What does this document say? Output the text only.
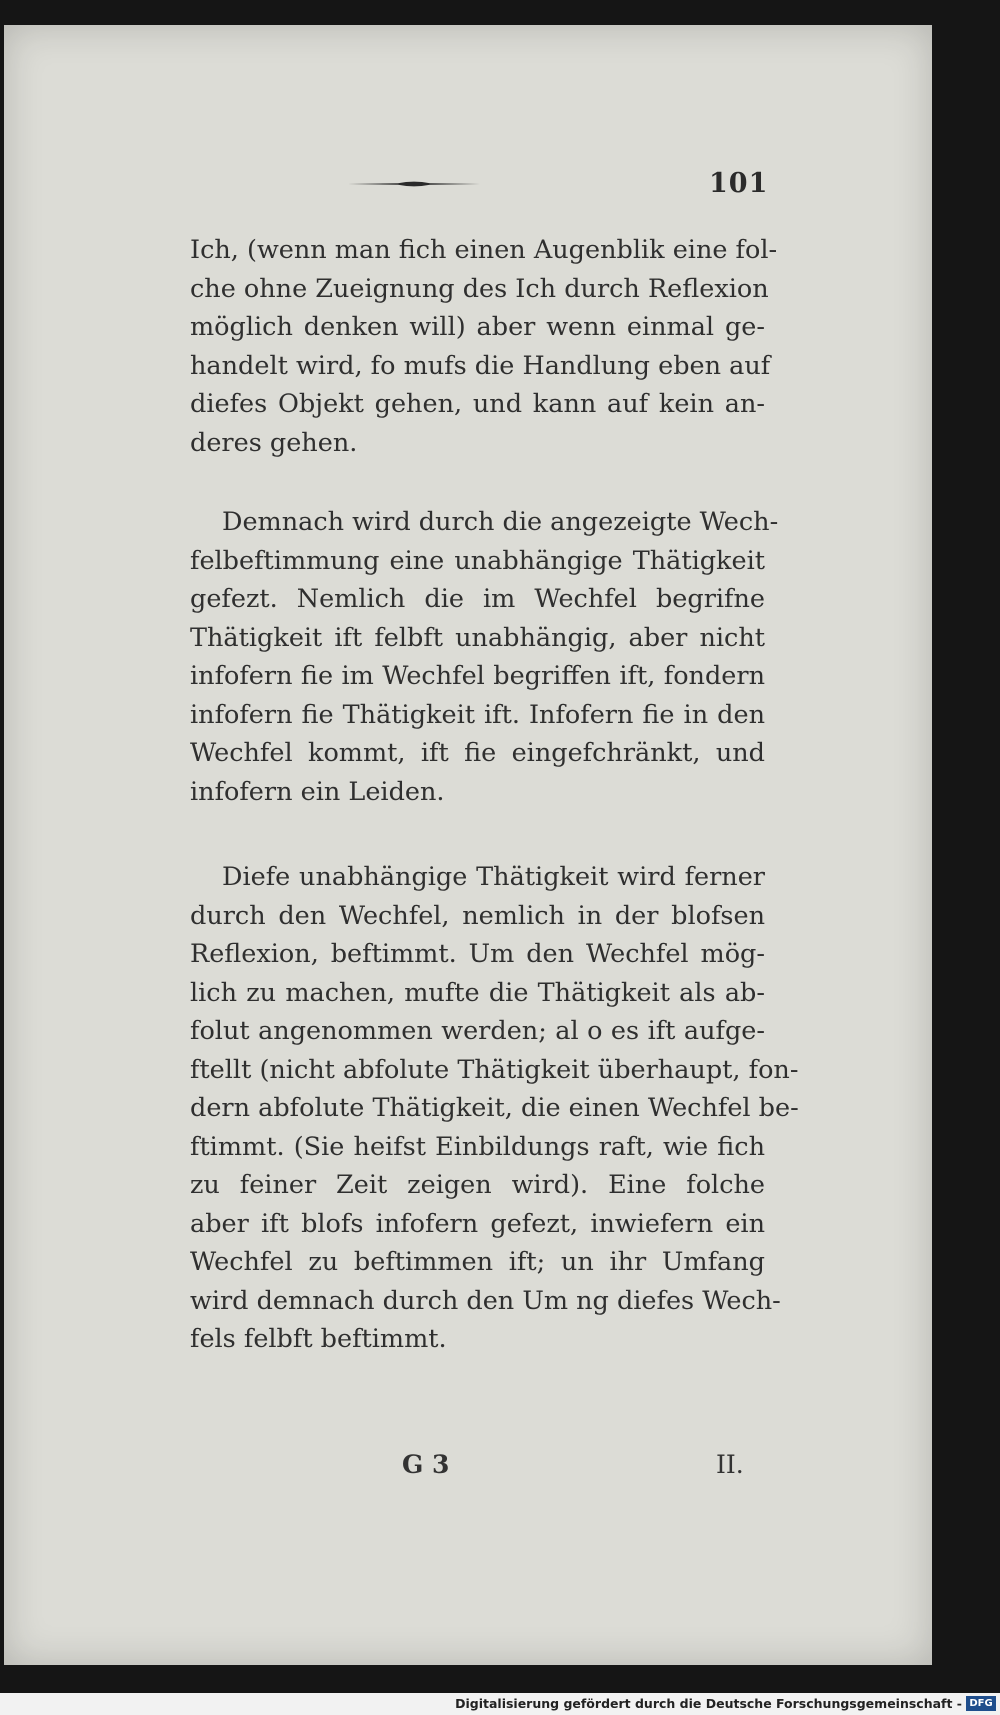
101
Ich, (wenn man fich einen Augenblik eine fol-
che ohne Zueignung des Ich durch Reflexion
möglich denken will) aber wenn einmal ge-
handelt wird, fo mufs die Handlung eben auf
diefes Objekt gehen, und kann auf kein an-
deres gehen.
Demnach wird durch die angezeigte Wech-
felbeftimmung eine unabhängige Thätigkeit
gefezt. Nemlich die im Wechfel begrifne
Thätigkeit ift felbft unabhängig, aber nicht
infofern fie im Wechfel begriffen ift, fondern
infofern fie Thätigkeit ift. Infofern fie in den
Wechfel kommt, ift fie eingefchränkt, und
infofern ein Leiden.
Diefe unabhängige Thätigkeit wird ferner
durch den Wechfel, nemlich in der blofsen
Reflexion, beftimmt. Um den Wechfel mög-
lich zu machen, mufte die Thätigkeit als ab-
folut angenommen werden; al o es ift aufge-
ftellt (nicht abfolute Thätigkeit überhaupt, fon-
dern abfolute Thätigkeit, die einen Wechfel be-
ftimmt. (Sie heifst Einbildungs raft, wie fich
zu feiner Zeit zeigen wird). Eine folche
aber ift blofs infofern gefezt, inwiefern ein
Wechfel zu beftimmen ift; un ihr Umfang
wird demnach durch den Um ng diefes Wech-
fels felbft beftimmt.
G 3	II.
Digitalisierung gefördert durch die Deutsche Forschungsgemeinschaft - DFG
